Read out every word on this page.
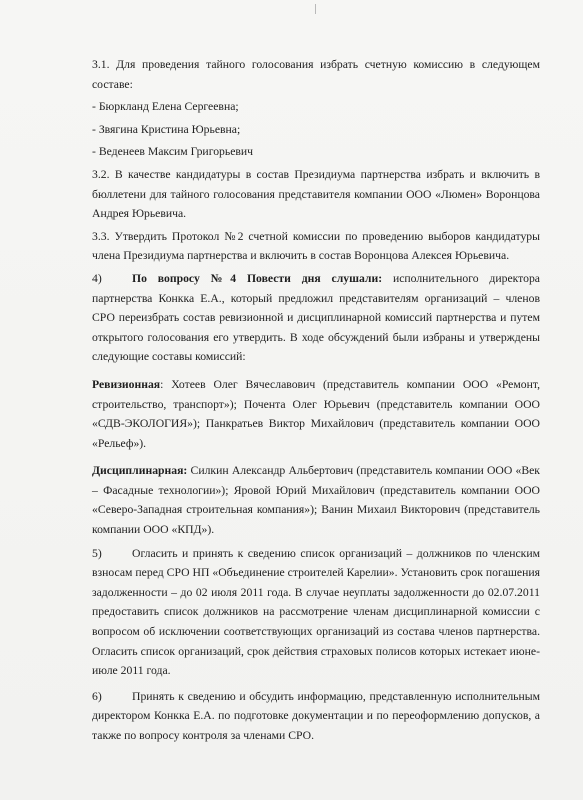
3.1. Для проведения тайного голосования избрать счетную комиссию в следующем составе:

- Бюркланд Елена Сергеевна;

- Звягина Кристина Юрьевна;

- Веденеев Максим Григорьевич

3.2. В качестве кандидатуры в состав Президиума партнерства избрать и включить в бюллетени для тайного голосования представителя компании ООО «Люмен» Воронцова Андрея Юрьевича.

3.3. Утвердить Протокол №2 счетной комиссии по проведению выборов кандидатуры члена Президиума партнерства и включить в состав Воронцова Алексея Юрьевича.

4)	По вопросу №4 Повести дня слушали: исполнительного директора партнерства Конкка Е.А., который предложил представителям организаций – членов СРО переизбрать состав ревизионной и дисциплинарной комиссий партнерства и путем открытого голосования его утвердить. В ходе обсуждений были избраны и утверждены следующие составы комиссий:

Ревизионная: Хотеев Олег Вячеславович (представитель компании ООО «Ремонт, строительство, транспорт»); Почента Олег Юрьевич (представитель компании ООО «СДВ-ЭКОЛОГИЯ»); Панкратьев Виктор Михайлович (представитель компании ООО «Рельеф»).

Дисциплинарная: Силкин Александр Альбертович (представитель компании ООО «Век – Фасадные технологии»); Яровой Юрий Михайлович (представитель компании ООО «Северо-Западная строительная компания»); Ванин Михаил Викторович (представитель компании ООО «КПД»).

5)	Огласить и принять к сведению список организаций – должников по членским взносам перед СРО НП «Объединение строителей Карелии». Установить срок погашения задолженности – до 02 июля 2011 года. В случае неуплаты задолженности до 02.07.2011 предоставить список должников на рассмотрение членам дисциплинарной комиссии с вопросом об исключении соответствующих организаций из состава членов партнерства. Огласить список организаций, срок действия страховых полисов которых истекает июне-июле 2011 года.

6)	Принять к сведению и обсудить информацию, представленную исполнительным директором Конкка Е.А. по подготовке документации и по переоформлению допусков, а также по вопросу контроля за членами СРО.
